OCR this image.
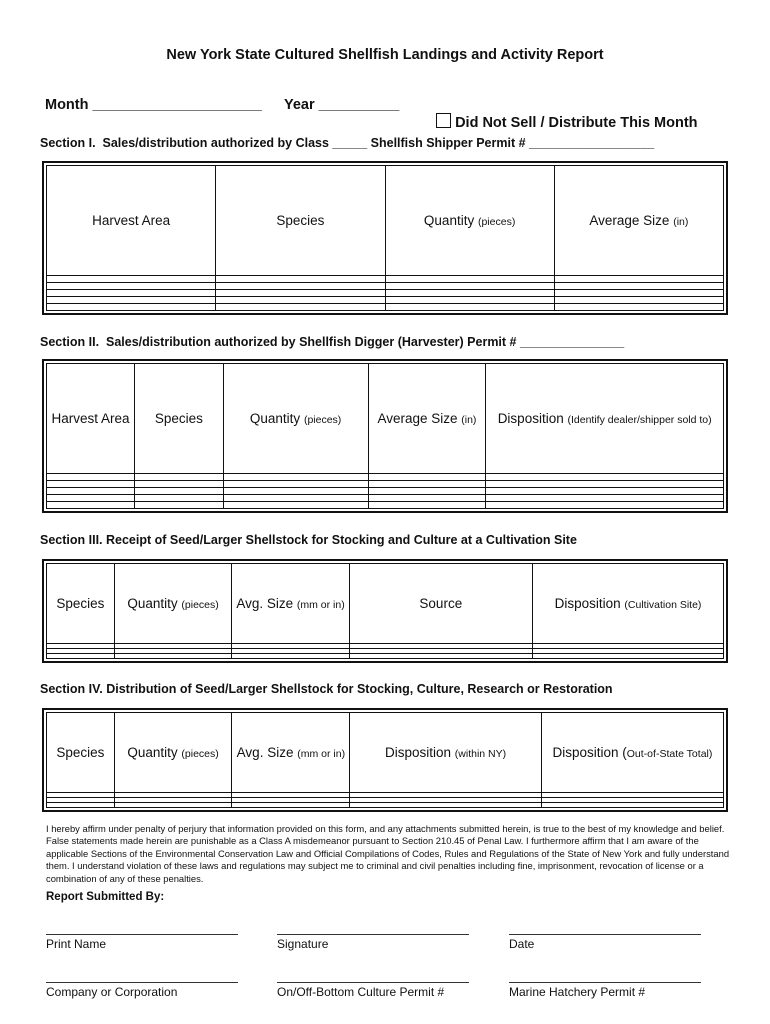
New York State Cultured Shellfish Landings and Activity Report
Month _____________________ Year __________

Did Not Sell / Distribute This Month

Section I.  Sales/distribution authorized by Class _____ Shellfish Shipper Permit # __________________
Harvest Area	Species	Quantity (pieces)	Average Size (in)

Section II.  Sales/distribution authorized by Shellfish Digger (Harvester) Permit # _______________
Harvest Area	Species	Quantity (pieces)	Average Size (in)	Disposition (Identify dealer/shipper sold to)

Section III. Receipt of Seed/Larger Shellstock for Stocking and Culture at a Cultivation Site
Species	Quantity (pieces)	Avg. Size (mm or in)	Source	Disposition (Cultivation Site)

Section IV. Distribution of Seed/Larger Shellstock for Stocking, Culture, Research or Restoration
Species	Quantity (pieces)	Avg. Size (mm or in)	Disposition (within NY)	Disposition (Out-of-State Total)

I hereby affirm under penalty of perjury that information provided on this form, and any attachments submitted herein, is true to the best of my knowledge and belief. False statements made herein are punishable as a Class A misdemeanor pursuant to Section 210.45 of Penal Law. I furthermore affirm that I am aware of the applicable Sections of the Environmental Conservation Law and Official Compilations of Codes, Rules and Regulations of the State of New York and fully understand them. I understand violation of these laws and regulations may subject me to criminal and civil penalties including fine, imprisonment, revocation of license or a combination of any of these penalties.
Report Submitted By:
Print Name	Signature	Date
Company or Corporation	On/Off-Bottom Culture Permit #	Marine Hatchery Permit #
